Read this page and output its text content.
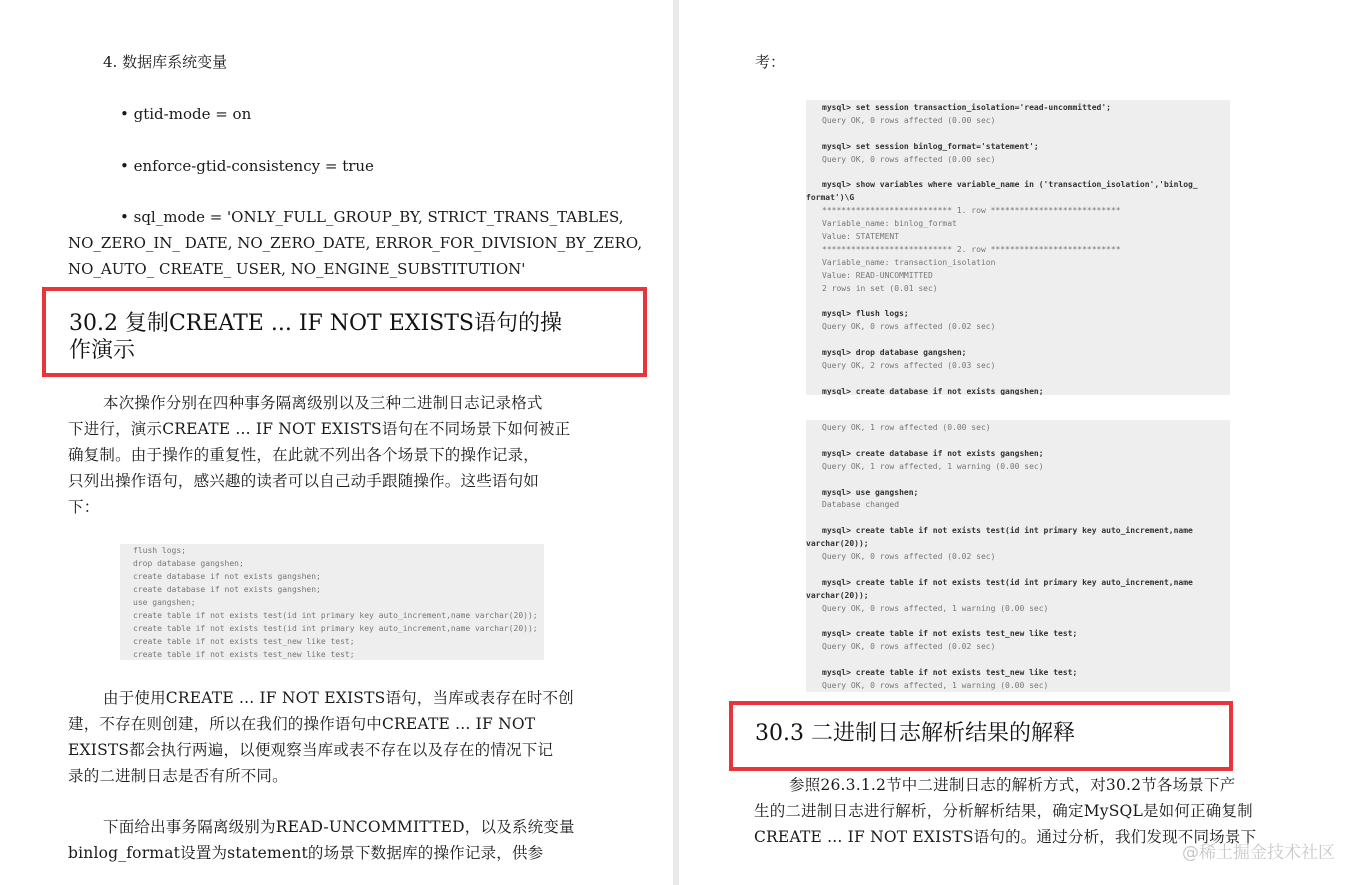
4. 数据库系统变量
• gtid-mode = on
• enforce-gtid-consistency = true
• sql_mode = 'ONLY_FULL_GROUP_BY, STRICT_TRANS_TABLES,
NO_ZERO_IN_ DATE, NO_ZERO_DATE, ERROR_FOR_DIVISION_BY_ZERO,
NO_AUTO_ CREATE_ USER, NO_ENGINE_SUBSTITUTION'
30.2 复制CREATE ... IF NOT EXISTS语句的操
作演示
本次操作分别在四种事务隔离级别以及三种二进制日志记录格式
下进行，演示CREATE ... IF NOT EXISTS语句在不同场景下如何被正
确复制。由于操作的重复性，在此就不列出各个场景下的操作记录，
只列出操作语句，感兴趣的读者可以自己动手跟随操作。这些语句如
下：
flush logs;
drop database gangshen;
create database if not exists gangshen;
create database if not exists gangshen;
use gangshen;
create table if not exists test(id int primary key auto_increment,name varchar(20));
create table if not exists test(id int primary key auto_increment,name varchar(20));
create table if not exists test_new like test;
create table if not exists test_new like test;
由于使用CREATE ... IF NOT EXISTS语句，当库或表存在时不创
建，不存在则创建，所以在我们的操作语句中CREATE ... IF NOT
EXISTS都会执行两遍，以便观察当库或表不存在以及存在的情况下记
录的二进制日志是否有所不同。
下面给出事务隔离级别为READ-UNCOMMITTED，以及系统变量
binlog_format设置为statement的场景下数据库的操作记录，供参
考：
mysql> set session transaction_isolation='read-uncommitted';
Query OK, 0 rows affected (0.00 sec)
mysql> set session binlog_format='statement';
Query OK, 0 rows affected (0.00 sec)
mysql> show variables where variable_name in ('transaction_isolation','binlog_
format')\G
*************************** 1. row ***************************
Variable_name: binlog_format
Value: STATEMENT
*************************** 2. row ***************************
Variable_name: transaction_isolation
Value: READ-UNCOMMITTED
2 rows in set (0.01 sec)
mysql> flush logs;
Query OK, 0 rows affected (0.02 sec)
mysql> drop database gangshen;
Query OK, 2 rows affected (0.03 sec)
mysql> create database if not exists gangshen;
Query OK, 1 row affected (0.00 sec)
mysql> create database if not exists gangshen;
Query OK, 1 row affected, 1 warning (0.00 sec)
mysql> use gangshen;
Database changed
mysql> create table if not exists test(id int primary key auto_increment,name
varchar(20));
Query OK, 0 rows affected (0.02 sec)
mysql> create table if not exists test(id int primary key auto_increment,name
varchar(20));
Query OK, 0 rows affected, 1 warning (0.00 sec)
mysql> create table if not exists test_new like test;
Query OK, 0 rows affected (0.02 sec)
mysql> create table if not exists test_new like test;
Query OK, 0 rows affected, 1 warning (0.00 sec)
30.3 二进制日志解析结果的解释
参照26.3.1.2节中二进制日志的解析方式，对30.2节各场景下产
生的二进制日志进行解析，分析解析结果，确定MySQL是如何正确复制
CREATE ... IF NOT EXISTS语句的。通过分析，我们发现不同场景下
@稀土掘金技术社区
